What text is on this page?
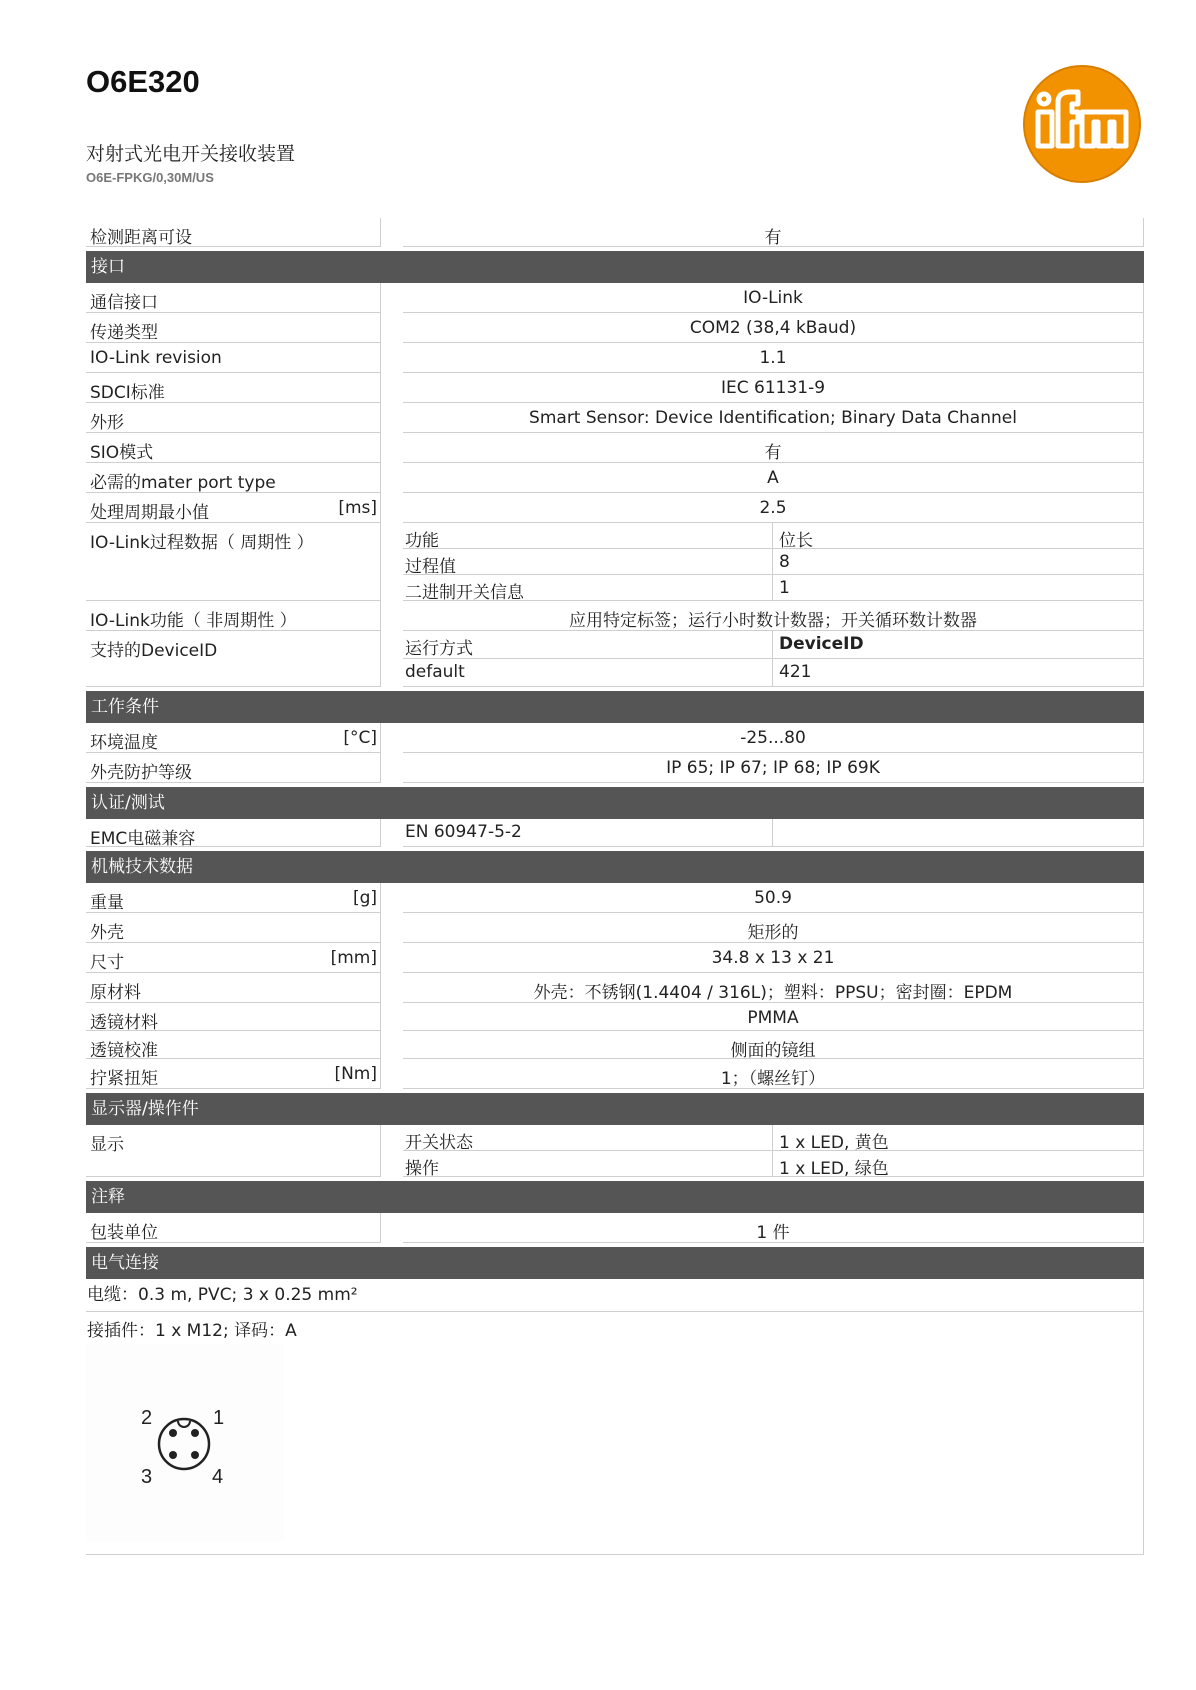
O6E320
对射式光电开关接收装置
O6E-FPKG/0,30M/US
检测距离可设	有
接口
通信接口	IO-Link
传递类型	COM2 (38,4 kBaud)
IO-Link revision	1.1
SDCI标准	IEC 61131-9
外形	Smart Sensor: Device Identification; Binary Data Channel
SIO模式	有
必需的mater port type	A
处理周期最小值	[ms]	2.5
IO-Link过程数据（ 周期性 ）	功能	位长
过程值	8
二进制开关信息	1
IO-Link功能（ 非周期性 ）	应用特定标签；运行小时数计数器；开关循环数计数器
支持的DeviceID	运行方式	DeviceID
default	421
工作条件
环境温度	[°C]	-25...80
外壳防护等级	IP 65; IP 67; IP 68; IP 69K
认证/测试
EMC电磁兼容	EN 60947-5-2
机械技术数据
重量	[g]	50.9
外壳	矩形的
尺寸	[mm]	34.8 x 13 x 21
原材料	外壳：不锈钢(1.4404 / 316L)；塑料：PPSU；密封圈：EPDM
透镜材料	PMMA
透镜校准	侧面的镜组
拧紧扭矩	[Nm]	1；（螺丝钉）
显示器/操作件
显示	开关状态	1 x LED, 黄色
操作	1 x LED, 绿色
注释
包装单位	1 件
电气连接
电缆：0.3 m, PVC; 3 x 0.25 mm²
接插件：1 x M12; 译码：A
2	1
3	4
